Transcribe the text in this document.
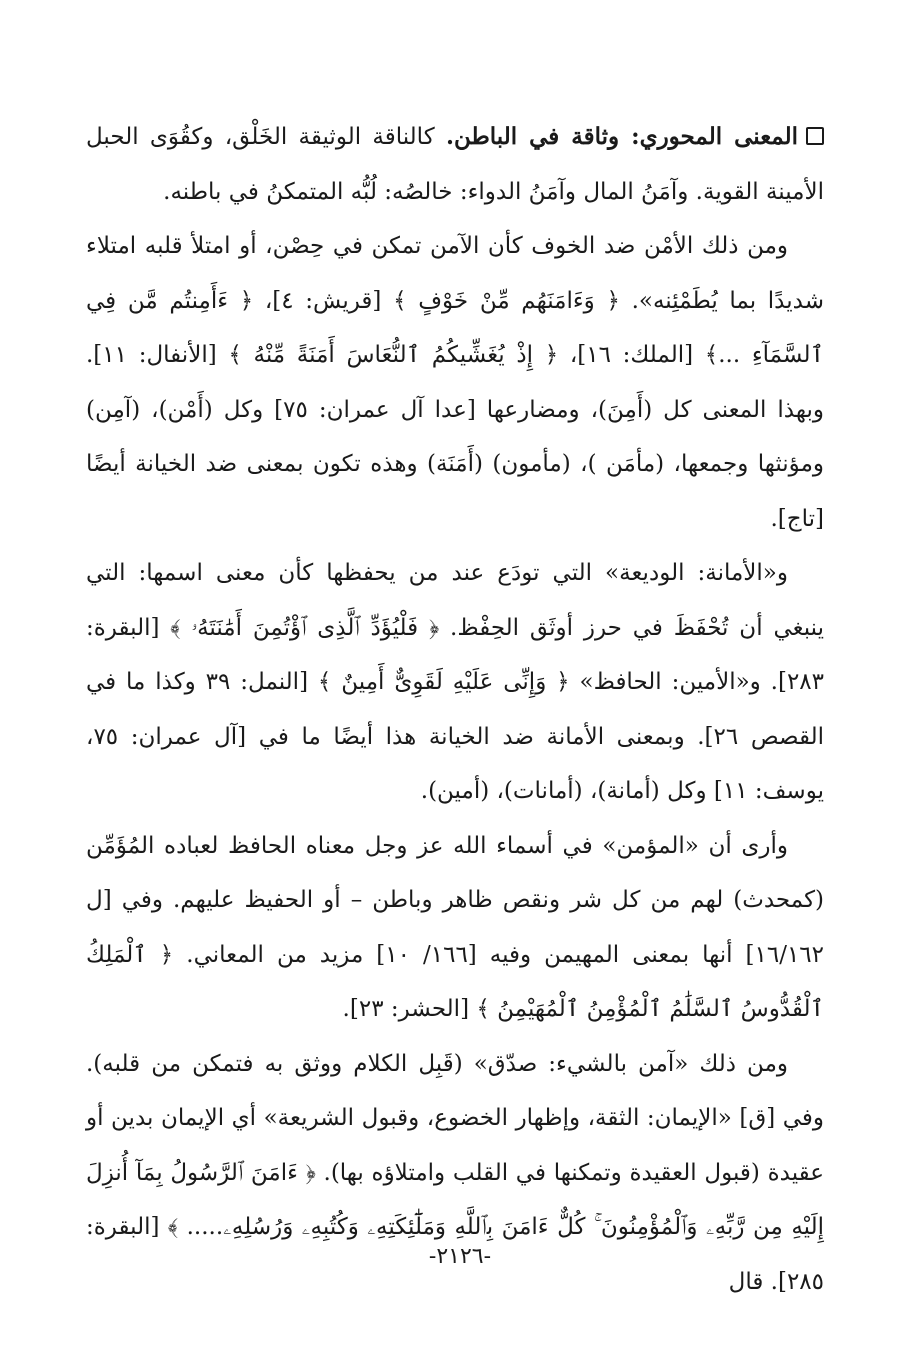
المعنى المحوري: وثاقة في الباطن. كالناقة الوثيقة الخَلْق، وكقُوَى الحبل الأمينة القوية. وآمَنُ المال وآمَنُ الدواء: خالصُه: لُبُّه المتمكنُ في باطنه.

ومن ذلك الأمْن ضد الخوف كأن الآمن تمكن في حِصْن، أو امتلأ قلبه امتلاء شديدًا بما يُطَمْئِنه». ﴿ وَءَامَنَهُم مِّنْ خَوْفٍ ﴾ [قريش: ٤]، ﴿ ءَأَمِنتُم مَّن فِي ٱلسَّمَآءِ ...﴾ [الملك: ١٦]، ﴿ إِذْ يُغَشِّيكُمُ ٱلنُّعَاسَ أَمَنَةً مِّنْهُ ﴾ [الأنفال: ١١]. وبهذا المعنى كل (أَمِنَ)، ومضارعها [عدا آل عمران: ٧٥] وكل (أَمْن)، (آمِن) ومؤنثها وجمعها، (مأمَن )، (مأمون) (أَمَنَة) وهذه تكون بمعنى ضد الخيانة أيضًا [تاج].

و«الأمانة: الوديعة» التي تودَع عند من يحفظها كأن معنى اسمها: التي ينبغي أن تُحْفَظَ في حرز أوثَق الحِفْظ. ﴿ فَلْيُؤَدِّ ٱلَّذِى ٱؤْتُمِنَ أَمَٰنَتَهُۥ ﴾ [البقرة: ٢٨٣]. و«الأمين: الحافظ» ﴿ وَإِنِّى عَلَيْهِ لَقَوِىٌّ أَمِينٌ ﴾ [النمل: ٣٩ وكذا ما في القصص ٢٦]. وبمعنى الأمانة ضد الخيانة هذا أيضًا ما في [آل عمران: ٧٥، يوسف: ١١] وكل (أمانة)، (أمانات)، (أمين).

وأرى أن «المؤمن» في أسماء الله عز وجل معناه الحافظ لعباده المُؤَمِّن (كمحدث) لهم من كل شر ونقص ظاهر وباطن – أو الحفيظ عليهم. وفي [ل ١٦/١٦٢] أنها بمعنى المهيمن وفيه [١٦٦/ ١٠] مزيد من المعاني. ﴿ ٱلْمَلِكُ ٱلْقُدُّوسُ ٱلسَّلَٰمُ ٱلْمُؤْمِنُ ٱلْمُهَيْمِنُ ﴾ [الحشر: ٢٣].

ومن ذلك «آمن بالشيء: صدّق» (قَبِل الكلام ووثق به فتمكن من قلبه). وفي [ق] «الإيمان: الثقة، وإظهار الخضوع، وقبول الشريعة» أي الإيمان بدين أو عقيدة (قبول العقيدة وتمكنها في القلب وامتلاؤه بها). ﴿ ءَامَنَ ٱلرَّسُولُ بِمَآ أُنزِلَ إِلَيْهِ مِن رَّبِّهِۦ وَٱلْمُؤْمِنُونَ ۚ كُلٌّ ءَامَنَ بِٱللَّهِ وَمَلَٰٓئِكَتِهِۦ وَكُتُبِهِۦ وَرُسُلِهِۦ..... ﴾ [البقرة: ٢٨٥]. قال

-٢١٢٦-
